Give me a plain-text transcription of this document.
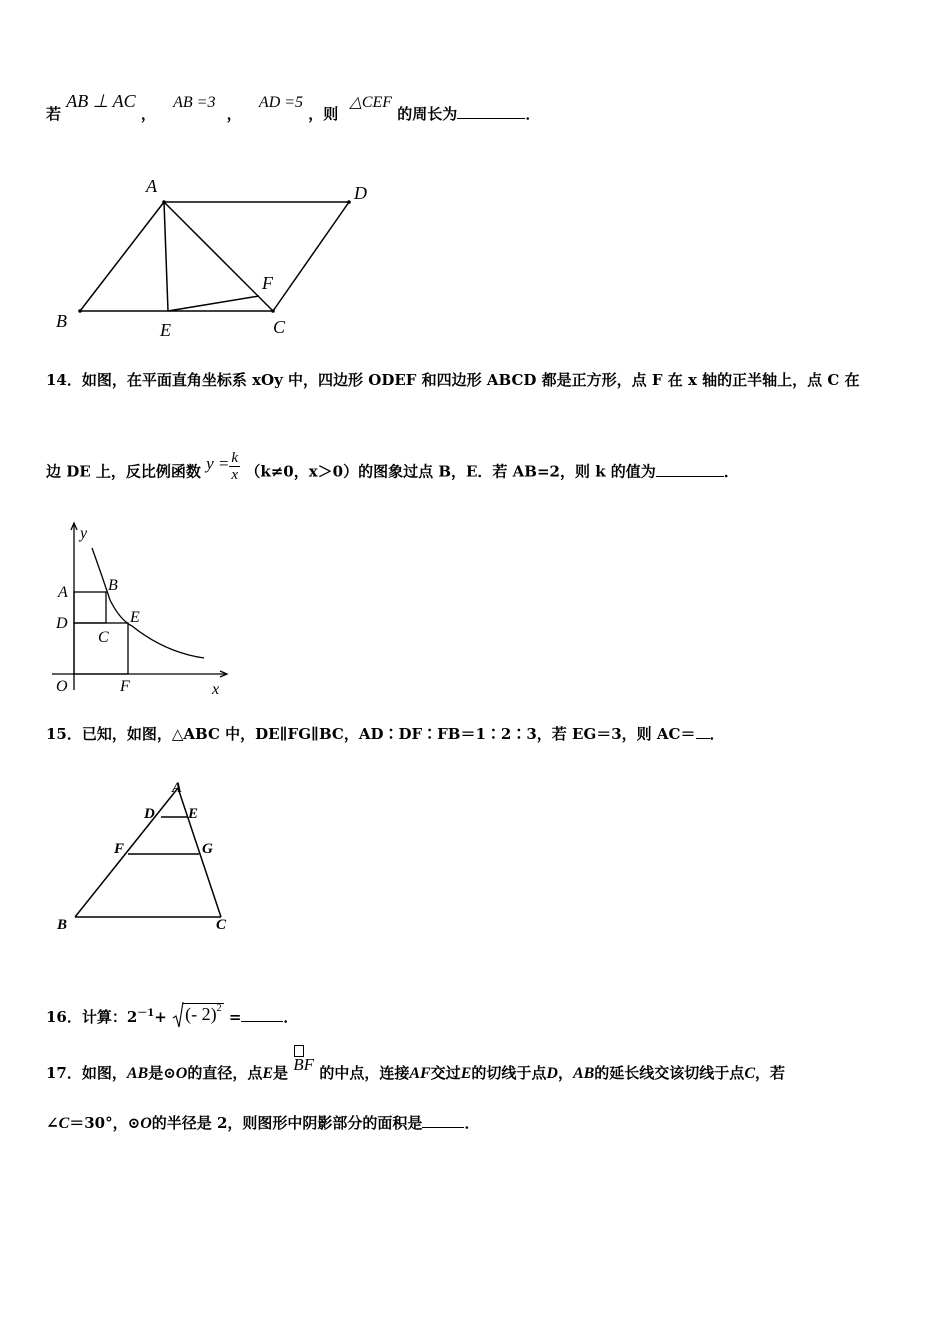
若 AB ⊥ AC ， AB =3 ， AD =5 ，则 △CEF 的周长为	．
A	D
B	E	C
F
14．如图，在平面直角坐标系 xOy 中，四边形 ODEF 和四边形 ABCD 都是正方形，点 F 在 x 轴的正半轴上，点 C 在
边 DE 上，反比例函数 $y = \frac{k}{x} (k\ne 0$，x＞0）的图象过点 B，E．若 AB=2，则 k 的值为	．
y
A	B
D	E
C
O	F	x
15．已知，如图，△ABC 中，DE∥FG∥BC，AD∶DF∶FB＝1∶2∶3，若 EG＝3，则 AC＝ ．
A
D E
F	G
B	C
16．计算：$2^{-1}+$ (- 2)$^2$ =	．
17．如图，AB是⊙O的直径，点E是 BF 的中点，连接AF交过E的切线于点D，AB的延长线交该切线于点C，若
∠C＝30°，⊙O的半径是 2，则图形中阴影部分的面积是	．
